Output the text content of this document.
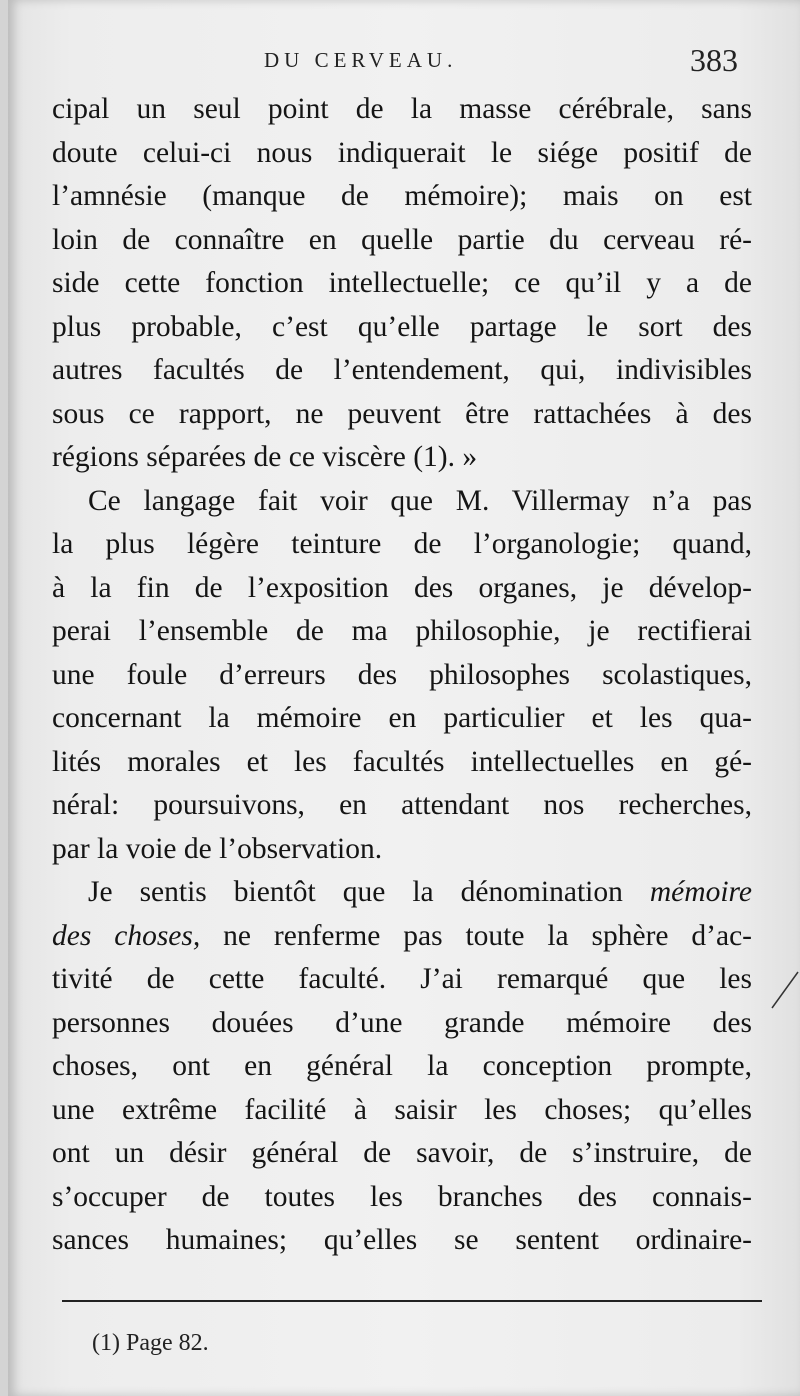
DU CERVEAU.	383
cipal un seul point de la masse cérébrale, sans
doute celui-ci nous indiquerait le siége positif de
l’amnésie (manque de mémoire); mais on est
loin de connaître en quelle partie du cerveau ré-
side cette fonction intellectuelle; ce qu’il y a de
plus probable, c’est qu’elle partage le sort des
autres facultés de l’entendement, qui, indivisibles
sous ce rapport, ne peuvent être rattachées à des
régions séparées de ce viscère (1). »
Ce langage fait voir que M. Villermay n’a pas
la plus légère teinture de l’organologie; quand,
à la fin de l’exposition des organes, je dévelop-
perai l’ensemble de ma philosophie, je rectifierai
une foule d’erreurs des philosophes scolastiques,
concernant la mémoire en particulier et les qua-
lités morales et les facultés intellectuelles en gé-
néral: poursuivons, en attendant nos recherches,
par la voie de l’observation.
Je sentis bientôt que la dénomination mémoire
des choses, ne renferme pas toute la sphère d’ac-
tivité de cette faculté. J’ai remarqué que les
personnes douées d’une grande mémoire des
choses, ont en général la conception prompte,
une extrême facilité à saisir les choses; qu’elles
ont un désir général de savoir, de s’instruire, de
s’occuper de toutes les branches des connais-
sances humaines; qu’elles se sentent ordinaire-
(1) Page 82.
